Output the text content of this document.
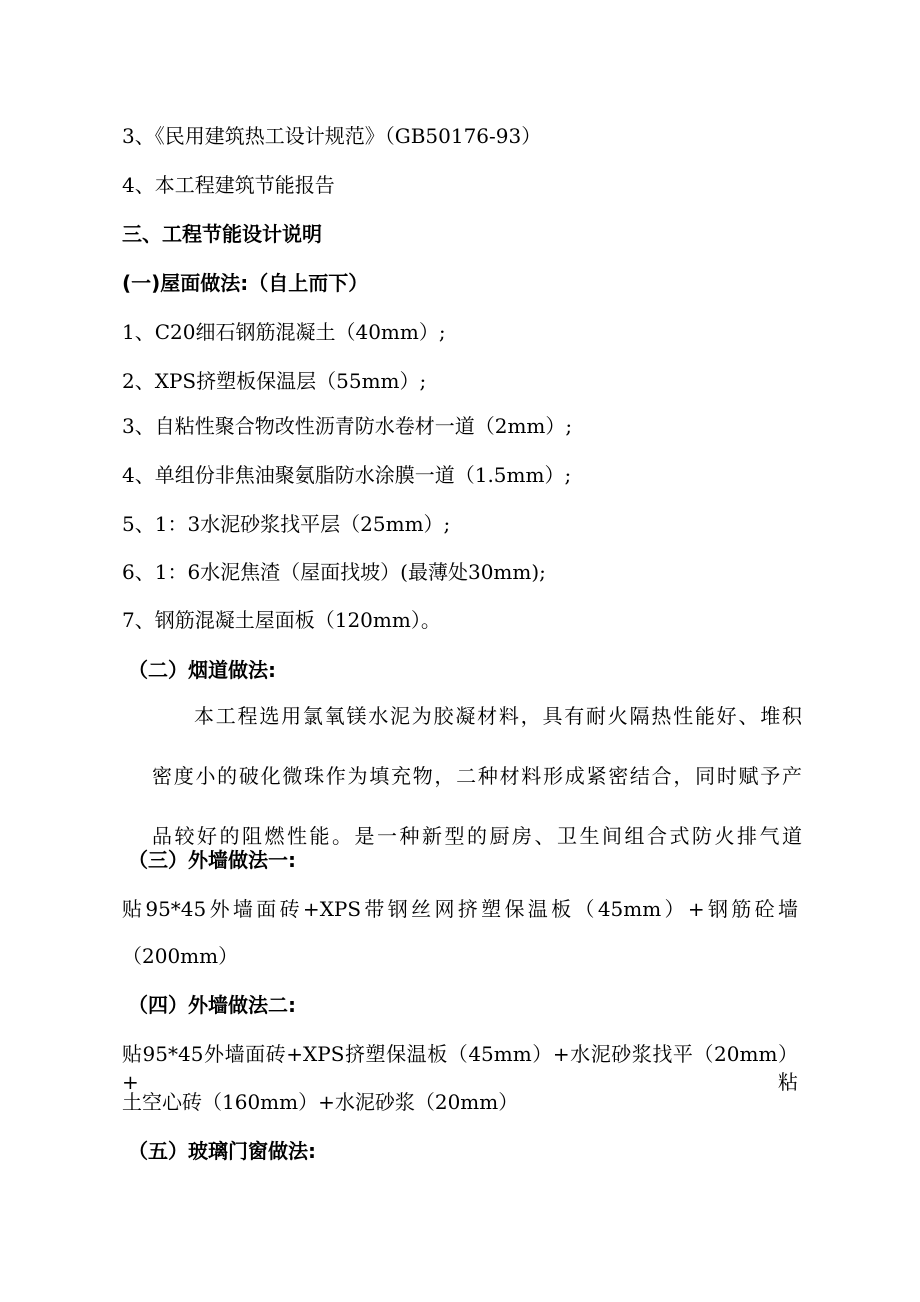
3、《民用建筑热工设计规范》（GB50176-93）
4、本工程建筑节能报告
三、工程节能设计说明
(一)屋面做法:（自上而下）
1、C20细石钢筋混凝土（40mm）;
2、XPS挤塑板保温层（55mm）;
3、自粘性聚合物改性沥青防水卷材一道（2mm）;
4、单组份非焦油聚氨脂防水涂膜一道（1.5mm）;
5、1：3水泥砂浆找平层（25mm）;
6、1：6水泥焦渣（屋面找坡）(最薄处30mm);
7、钢筋混凝土屋面板（120mm）。
（二）烟道做法:
本工程选用氯氧镁水泥为胶凝材料，具有耐火隔热性能好、堆积
密度小的破化微珠作为填充物，二种材料形成紧密结合，同时赋予产
品较好的阻燃性能。是一种新型的厨房、卫生间组合式防火排气道
（三）外墙做法一:
贴95*45外墙面砖+XPS带钢丝网挤塑保温板（45mm）+钢筋砼墙
（200mm）
（四）外墙做法二:
贴95*45外墙面砖+XPS挤塑保温板（45mm）+水泥砂浆找平（20mm）+粘
土空心砖（160mm）+水泥砂浆（20mm）
（五）玻璃门窗做法:
